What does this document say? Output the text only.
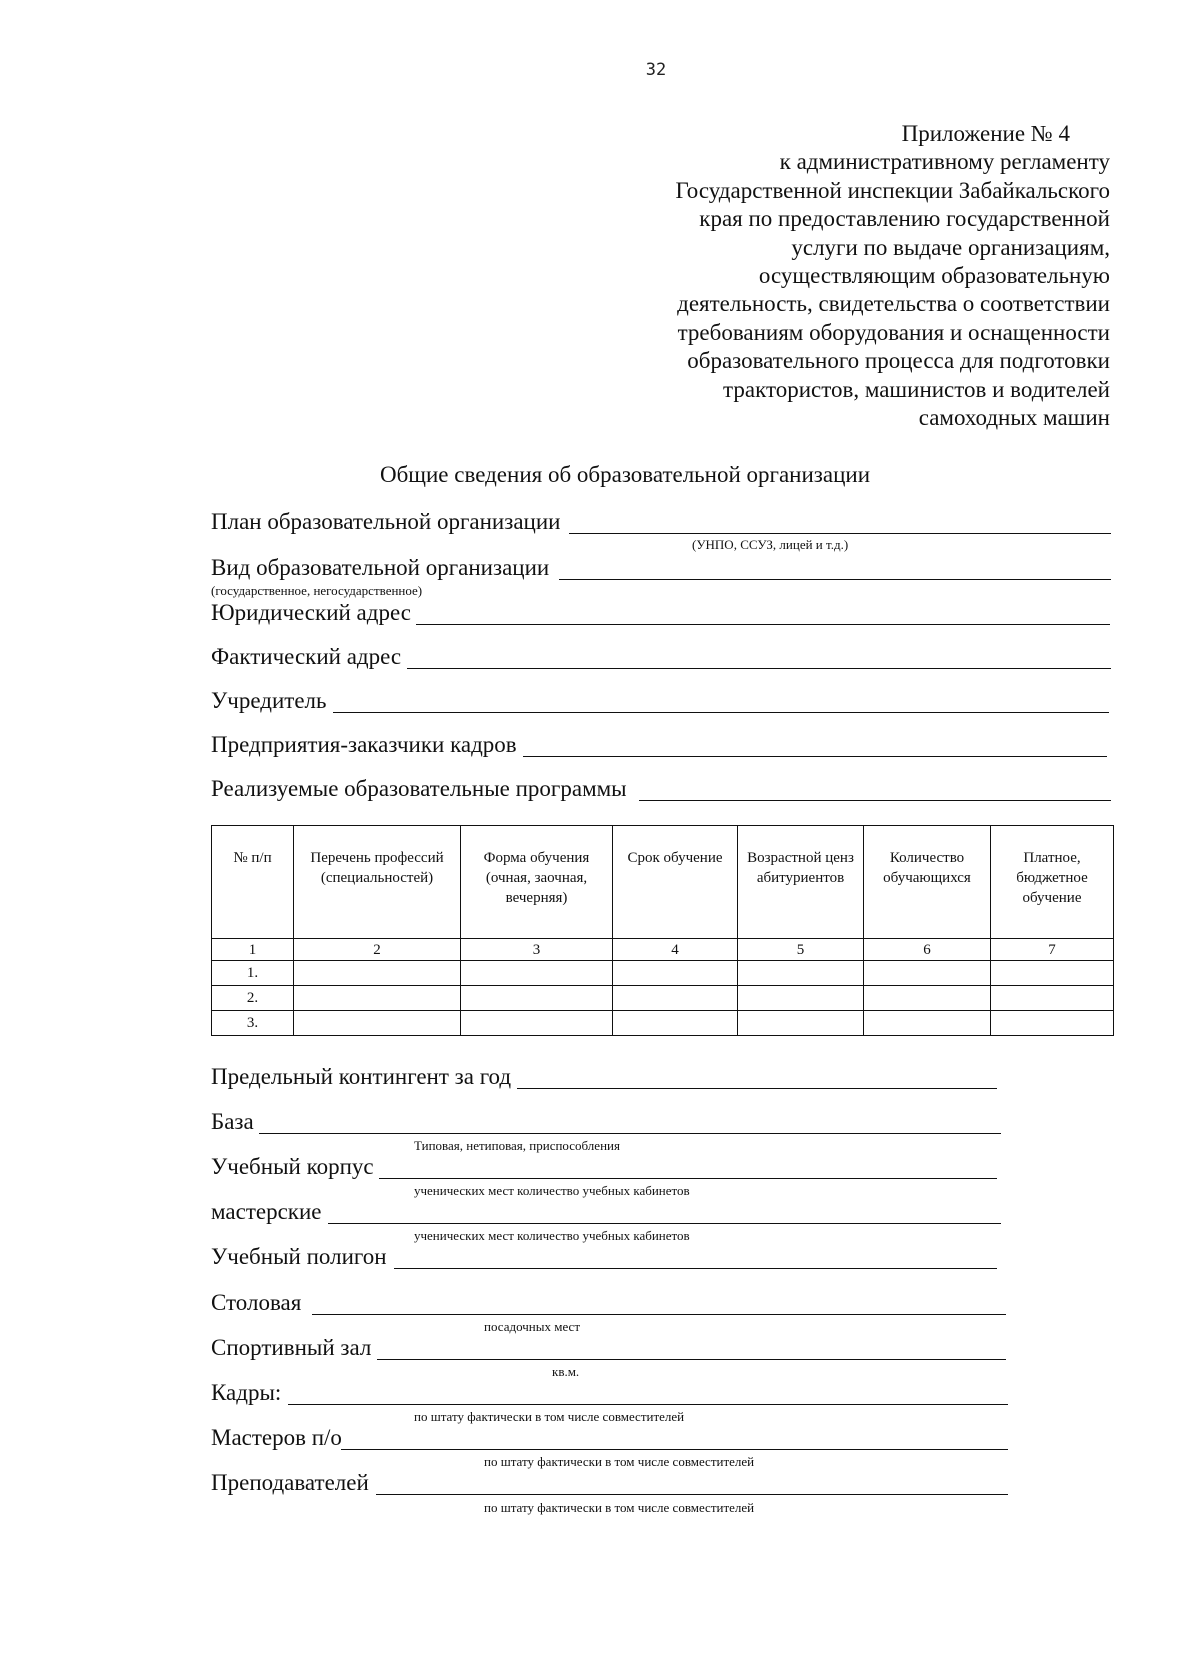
32
Приложение № 4
к административному регламенту
Государственной инспекции Забайкальского
края по предоставлению государственной
услуги по выдаче организациям,
осуществляющим образовательную
деятельность, свидетельства о соответствии
требованиям оборудования и оснащенности
образовательного процесса для подготовки
трактористов, машинистов и водителей
самоходных машин
Общие сведения об образовательной организации
План образовательной организации
(УНПО, ССУЗ, лицей и т.д.)
Вид образовательной организации
(государственное, негосударственное)
Юридический адрес
Фактический адрес
Учредитель
Предприятия-заказчики кадров
Реализуемые образовательные программы
№ п/п	Перечень профессий (специальностей)	Форма обучения (очная, заочная, вечерняя)	Срок обучение	Возрастной ценз абитуриентов	Количество обучающихся	Платное, бюджетное обучение
1	2	3	4	5	6	7
1.						
2.						
3.						
Предельный контингент за год
База
Типовая, нетиповая, приспособления
Учебный корпус
ученических мест количество учебных кабинетов
мастерские
ученических мест количество учебных кабинетов
Учебный полигон
Столовая
посадочных мест
Спортивный зал
кв.м.
Кадры:
по штату фактически в том числе совместителей
Мастеров п/о
по штату фактически в том числе совместителей
Преподавателей
по штату фактически в том числе совместителей
